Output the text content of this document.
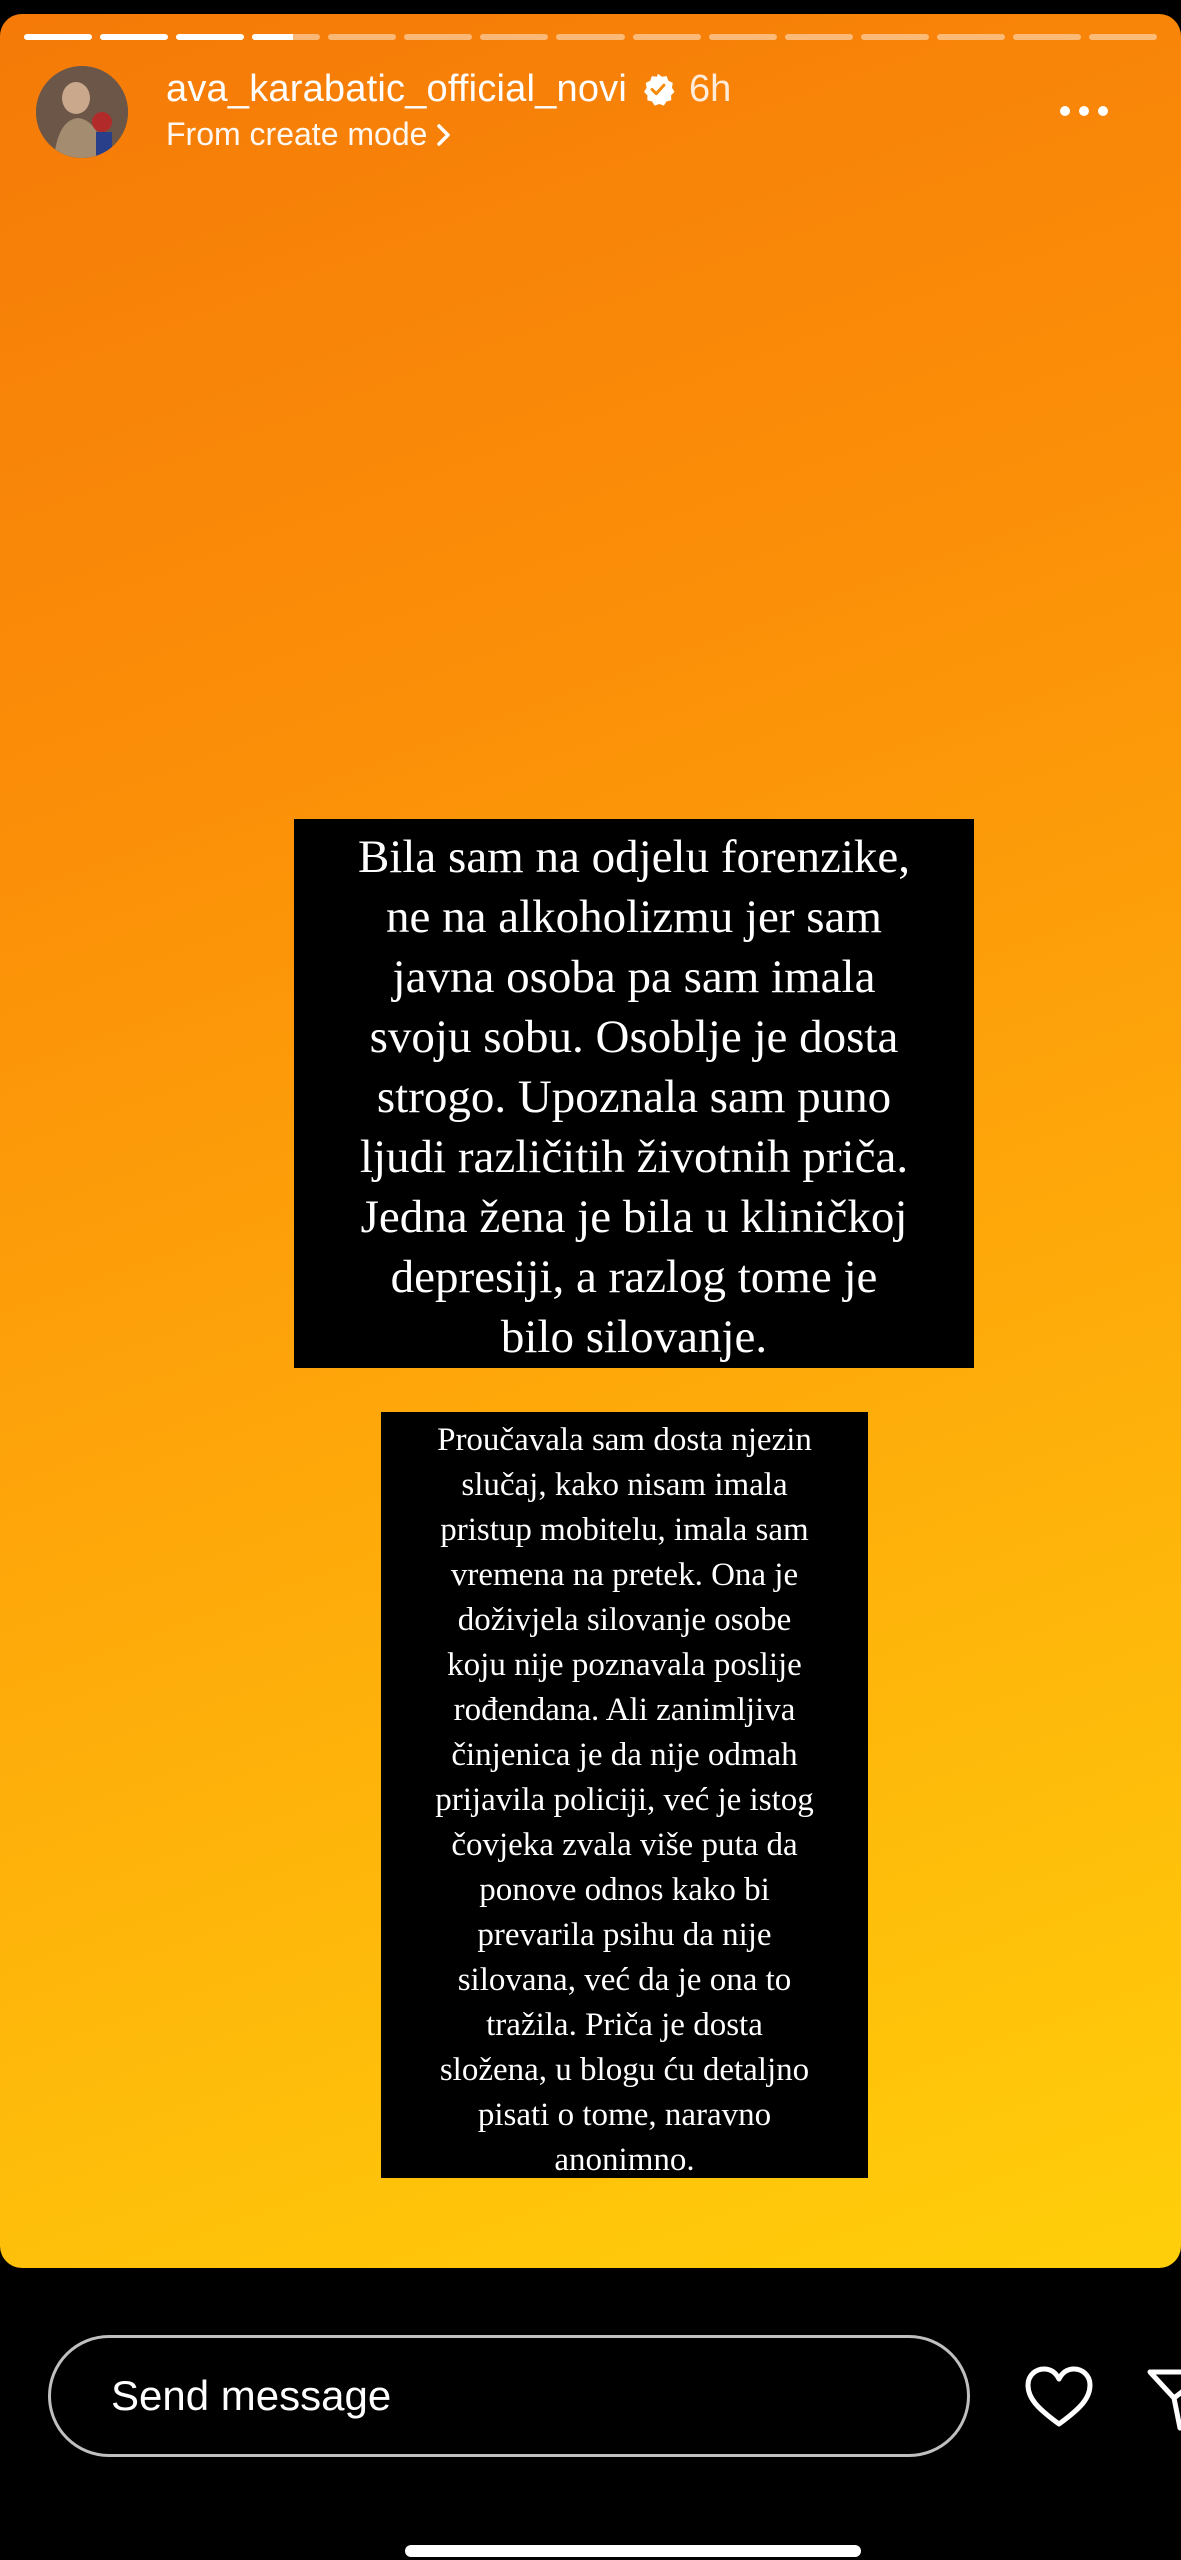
ava_karabatic_official_novi 6h
From create mode
Bila sam na odjelu forenzike,
ne na alkoholizmu jer sam
javna osoba pa sam imala
svoju sobu. Osoblje je dosta
strogo. Upoznala sam puno
ljudi različitih životnih priča.
Jedna žena je bila u kliničkoj
depresiji, a razlog tome je
bilo silovanje.
Proučavala sam dosta njezin
slučaj, kako nisam imala
pristup mobitelu, imala sam
vremena na pretek. Ona je
doživjela silovanje osobe
koju nije poznavala poslije
rođendana. Ali zanimljiva
činjenica je da nije odmah
prijavila policiji, već je istog
čovjeka zvala više puta da
ponove odnos kako bi
prevarila psihu da nije
silovana, već da je ona to
tražila. Priča je dosta
složena, u blogu ću detaljno
pisati o tome, naravno
anonimno.
Send message
